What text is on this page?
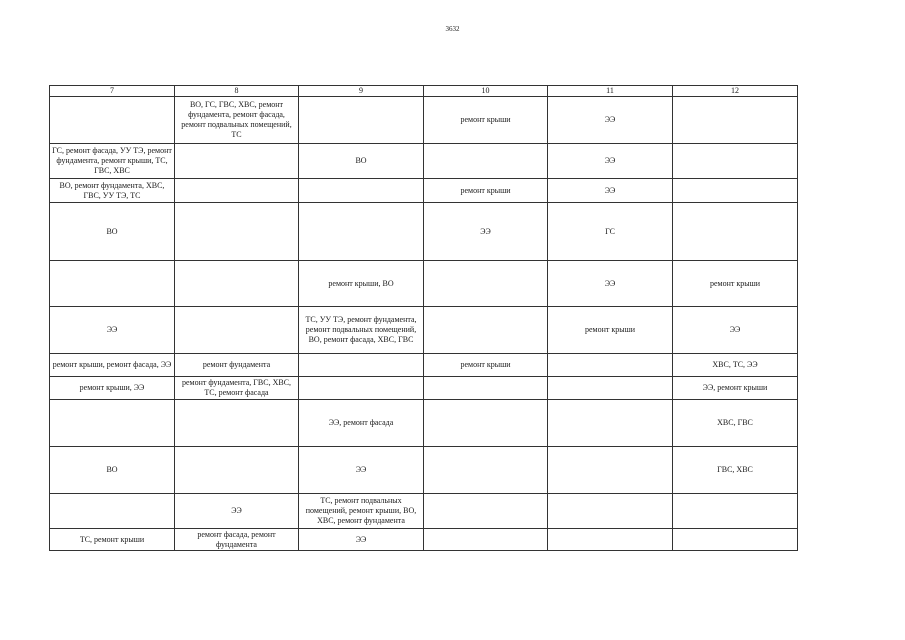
3632
7	8	9	10	11	12
	ВО, ГС, ГВС, ХВС, ремонт фундамента, ремонт фасада, ремонт подвальных помещений, ТС		ремонт крыши	ЭЭ	
ГС, ремонт фасада, УУ ТЭ, ремонт фундамента, ремонт крыши, ТС, ГВС, ХВС		ВО		ЭЭ	
ВО, ремонт фундамента, ХВС, ГВС, УУ ТЭ, ТС			ремонт крыши	ЭЭ	
ВО			ЭЭ	ГС	
		ремонт крыши, ВО		ЭЭ	ремонт крыши
ЭЭ		ТС, УУ ТЭ, ремонт фундамента, ремонт подвальных помещений, ВО, ремонт фасада, ХВС, ГВС		ремонт крыши	ЭЭ
ремонт крыши, ремонт фасада, ЭЭ	ремонт фундамента		ремонт крыши		ХВС, ТС, ЭЭ
ремонт крыши, ЭЭ	ремонт фундамента, ГВС, ХВС, ТС, ремонт фасада				ЭЭ, ремонт крыши
		ЭЭ, ремонт фасада			ХВС, ГВС
ВО		ЭЭ			ГВС, ХВС
	ЭЭ	ТС, ремонт подвальных помещений, ремонт крыши, ВО, ХВС, ремонт фундамента			
ТС, ремонт крыши	ремонт фасада, ремонт фундамента	ЭЭ			
